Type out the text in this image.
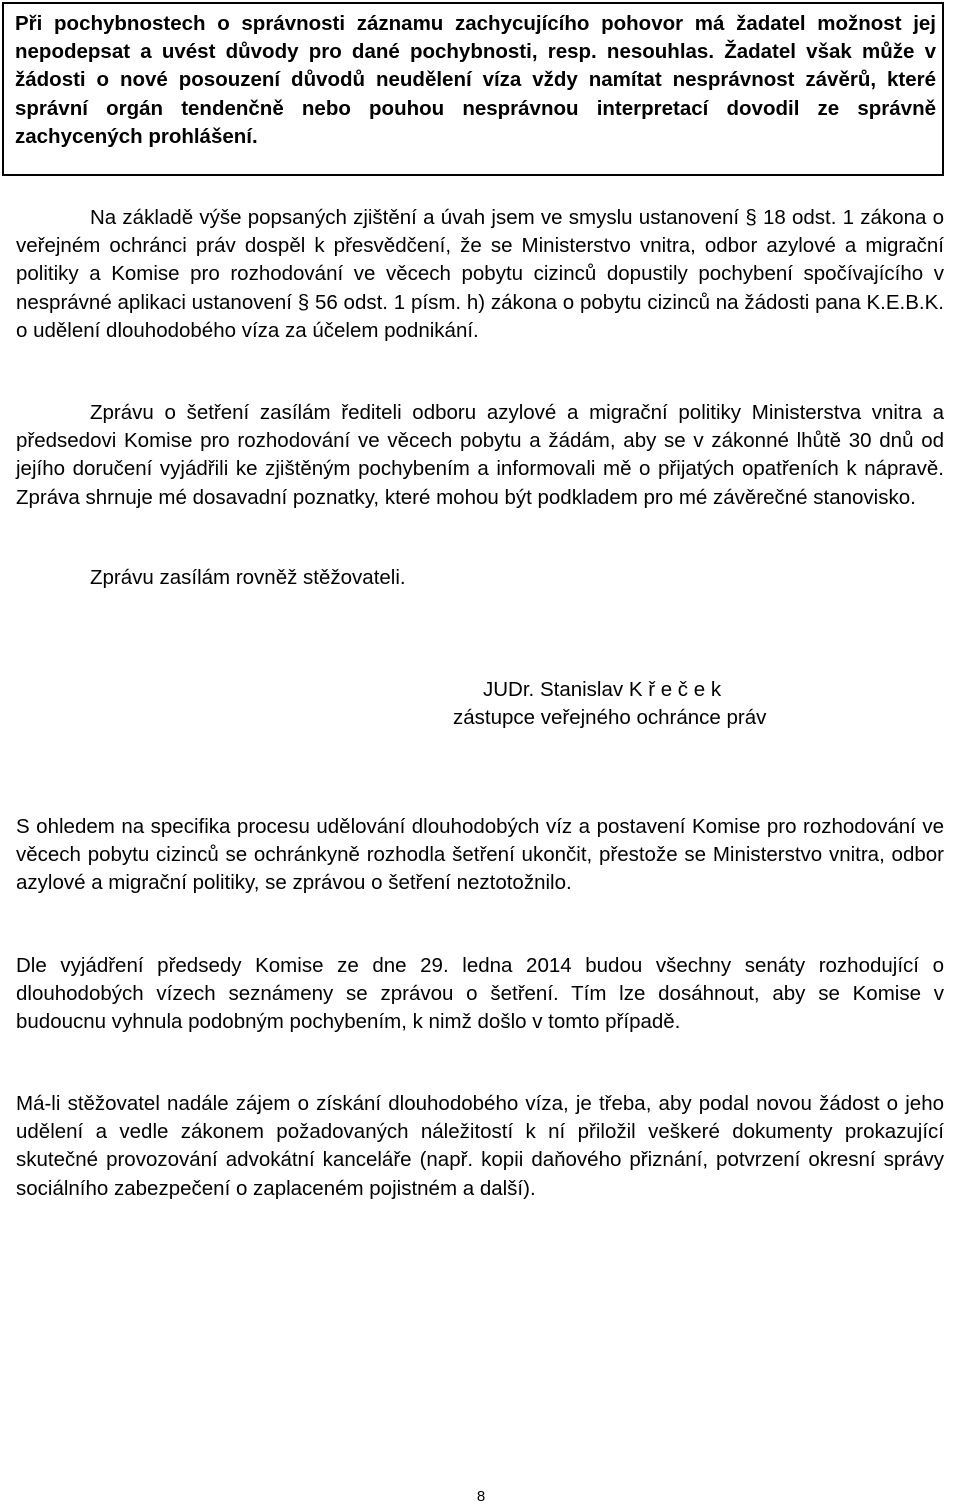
Při pochybnostech o správnosti záznamu zachycujícího pohovor má žadatel možnost jej nepodepsat a uvést důvody pro dané pochybnosti, resp. nesouhlas. Žadatel však může v žádosti o nové posouzení důvodů neudělení víza vždy namítat nesprávnost závěrů, které správní orgán tendenčně nebo pouhou nesprávnou interpretací dovodil ze správně zachycených prohlášení.

Na základě výše popsaných zjištění a úvah jsem ve smyslu ustanovení § 18 odst. 1 zákona o veřejném ochránci práv dospěl k přesvědčení, že se Ministerstvo vnitra, odbor azylové a migrační politiky a Komise pro rozhodování ve věcech pobytu cizinců dopustily pochybení spočívajícího v nesprávné aplikaci ustanovení § 56 odst. 1 písm. h) zákona o pobytu cizinců na žádosti pana K.E.B.K. o udělení dlouhodobého víza za účelem podnikání.

Zprávu o šetření zasílám řediteli odboru azylové a migrační politiky Ministerstva vnitra a předsedovi Komise pro rozhodování ve věcech pobytu a žádám, aby se v zákonné lhůtě 30 dnů od jejího doručení vyjádřili ke zjištěným pochybením a informovali mě o přijatých opatřeních k nápravě. Zpráva shrnuje mé dosavadní poznatky, které mohou být podkladem pro mé závěrečné stanovisko.

Zprávu zasílám rovněž stěžovateli.

JUDr. Stanislav K ř e č e k
zástupce veřejného ochránce práv

S ohledem na specifika procesu udělování dlouhodobých víz a postavení Komise pro rozhodování ve věcech pobytu cizinců se ochránkyně rozhodla šetření ukončit, přestože se Ministerstvo vnitra, odbor azylové a migrační politiky, se zprávou o šetření neztotožnilo.

Dle vyjádření předsedy Komise ze dne 29. ledna 2014 budou všechny senáty rozhodující o dlouhodobých vízech seznámeny se zprávou o šetření. Tím lze dosáhnout, aby se Komise v budoucnu vyhnula podobným pochybením, k nimž došlo v tomto případě.

Má-li stěžovatel nadále zájem o získání dlouhodobého víza, je třeba, aby podal novou žádost o jeho udělení a vedle zákonem požadovaných náležitostí k ní přiložil veškeré dokumenty prokazující skutečné provozování advokátní kanceláře (např. kopii daňového přiznání, potvrzení okresní správy sociálního zabezpečení o zaplaceném pojistném a další).

8
